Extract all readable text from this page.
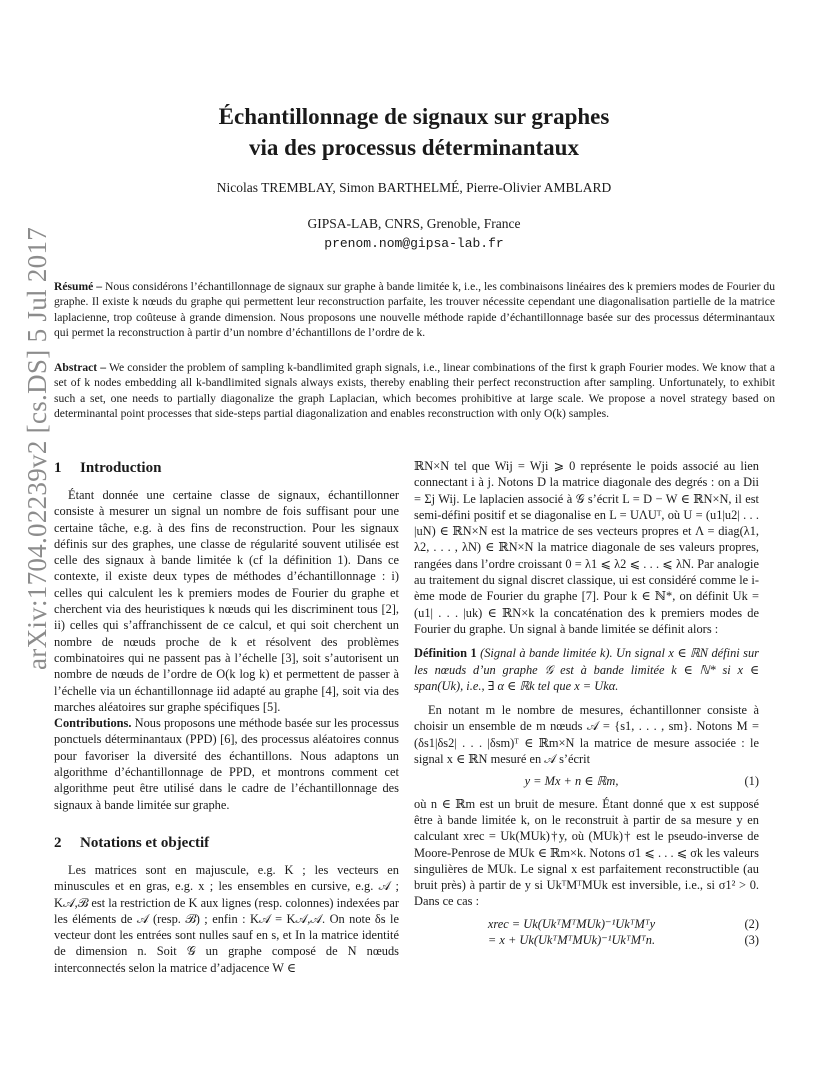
arXiv:1704.02239v2 [cs.DS] 5 Jul 2017
Échantillonnage de signaux sur graphes
via des processus déterminantaux
Nicolas TREMBLAY, Simon BARTHELMÉ, Pierre-Olivier AMBLARD
GIPSA-LAB, CNRS, Grenoble, France
prenom.nom@gipsa-lab.fr
Résumé – Nous considérons l’échantillonnage de signaux sur graphe à bande limitée k, i.e., les combinaisons linéaires des k premiers modes de Fourier du graphe. Il existe k nœuds du graphe qui permettent leur reconstruction parfaite, les trouver nécessite cependant une diagonalisation partielle de la matrice laplacienne, trop coûteuse à grande dimension. Nous proposons une nouvelle méthode rapide d’échantillonnage basée sur des processus déterminantaux qui permet la reconstruction à partir d’un nombre d’échantillons de l’ordre de k.
Abstract – We consider the problem of sampling k-bandlimited graph signals, i.e., linear combinations of the first k graph Fourier modes. We know that a set of k nodes embedding all k-bandlimited signals always exists, thereby enabling their perfect reconstruction after sampling. Unfortunately, to exhibit such a set, one needs to partially diagonalize the graph Laplacian, which becomes prohibitive at large scale. We propose a novel strategy based on determinantal point processes that side-steps partial diagonalization and enables reconstruction with only O(k) samples.
1 Introduction

Étant donnée une certaine classe de signaux, échantillonner consiste à mesurer un signal un nombre de fois suffisant pour une certaine tâche, e.g. à des fins de reconstruction. Pour les signaux définis sur des graphes, une classe de régularité souvent utilisée est celle des signaux à bande limitée k (cf la définition 1). Dans ce contexte, il existe deux types de méthodes d’échantillonnage : i) celles qui calculent les k premiers modes de Fourier du graphe et cherchent via des heuristiques k nœuds qui les discriminent tous [2], ii) celles qui s’affranchissent de ce calcul, et qui soit cherchent un nombre de nœuds proche de k et résolvent des problèmes combinatoires qui ne passent pas à l’échelle [3], soit s’autorisent un nombre de nœuds de l’ordre de O(k log k) et permettent de passer à l’échelle via un échantillonnage iid adapté au graphe [4], soit via des marches aléatoires sur graphe spécifiques [5].

Contributions. Nous proposons une méthode basée sur les processus ponctuels déterminantaux (PPD) [6], des processus aléatoires connus pour favoriser la diversité des échantillons. Nous adaptons un algorithme d’échantillonnage de PPD, et montrons comment cet algorithme peut être utilisé dans le cadre de l’échantillonnage des signaux à bande limitée sur graphe.

2 Notations et objectif

Les matrices sont en majuscule, e.g. K ; les vecteurs en minuscules et en gras, e.g. x ; les ensembles en cursive, e.g. 𝒜 ; K𝒜,ℬ est la restriction de K aux lignes (resp. colonnes) indexées par les éléments de 𝒜 (resp. ℬ) ; enfin : K𝒜 = K𝒜,𝒜. On note δs le vecteur dont les entrées sont nulles sauf en s, et In la matrice identité de dimension n. Soit 𝒢 un graphe composé de N nœuds interconnectés selon la matrice d’adjacence W ∈

ℝN×N tel que Wij = Wji ⩾ 0 représente le poids associé au lien connectant i à j. Notons D la matrice diagonale des degrés : on a Dii = Σj Wij. Le laplacien associé à 𝒢 s’écrit L = D − W ∈ ℝN×N, il est semi-défini positif et se diagonalise en L = UΛUᵀ, où U = (u1|u2| . . . |uN) ∈ ℝN×N est la matrice de ses vecteurs propres et Λ = diag(λ1, λ2, . . . , λN) ∈ ℝN×N la matrice diagonale de ses valeurs propres, rangées dans l’ordre croissant 0 = λ1 ⩽ λ2 ⩽ . . . ⩽ λN. Par analogie au traitement du signal discret classique, ui est considéré comme le i-ème mode de Fourier du graphe [7]. Pour k ∈ ℕ*, on définit Uk = (u1| . . . |uk) ∈ ℝN×k la concaténation des k premiers modes de Fourier du graphe. Un signal à bande limitée se définit alors :

Définition 1 (Signal à bande limitée k). Un signal x ∈ ℝN défini sur les nœuds d’un graphe 𝒢 est à bande limitée k ∈ ℕ* si x ∈ span(Uk), i.e., ∃ α ∈ ℝk tel que x = Ukα.

En notant m le nombre de mesures, échantillonner consiste à choisir un ensemble de m nœuds 𝒜 = {s1, . . . , sm}. Notons M = (δs1|δs2| . . . |δsm)ᵀ ∈ ℝm×N la matrice de mesure associée : le signal x ∈ ℝN mesuré en 𝒜 s’écrit

y = Mx + n ∈ ℝm,	(1)

où n ∈ ℝm est un bruit de mesure. Étant donné que x est supposé être à bande limitée k, on le reconstruit à partir de sa mesure y en calculant xrec = Uk(MUk)†y, où (MUk)† est le pseudo-inverse de Moore-Penrose de MUk ∈ ℝm×k. Notons σ1 ⩽ . . . ⩽ σk les valeurs singulières de MUk. Le signal x est parfaitement reconstructible (au bruit près) à partir de y si UkᵀMᵀMUk est inversible, i.e., si σ1² > 0. Dans ce cas :

xrec = Uk(UkᵀMᵀMUk)⁻¹UkᵀMᵀy	(2)
= x + Uk(UkᵀMᵀMUk)⁻¹UkᵀMᵀn.	(3)
